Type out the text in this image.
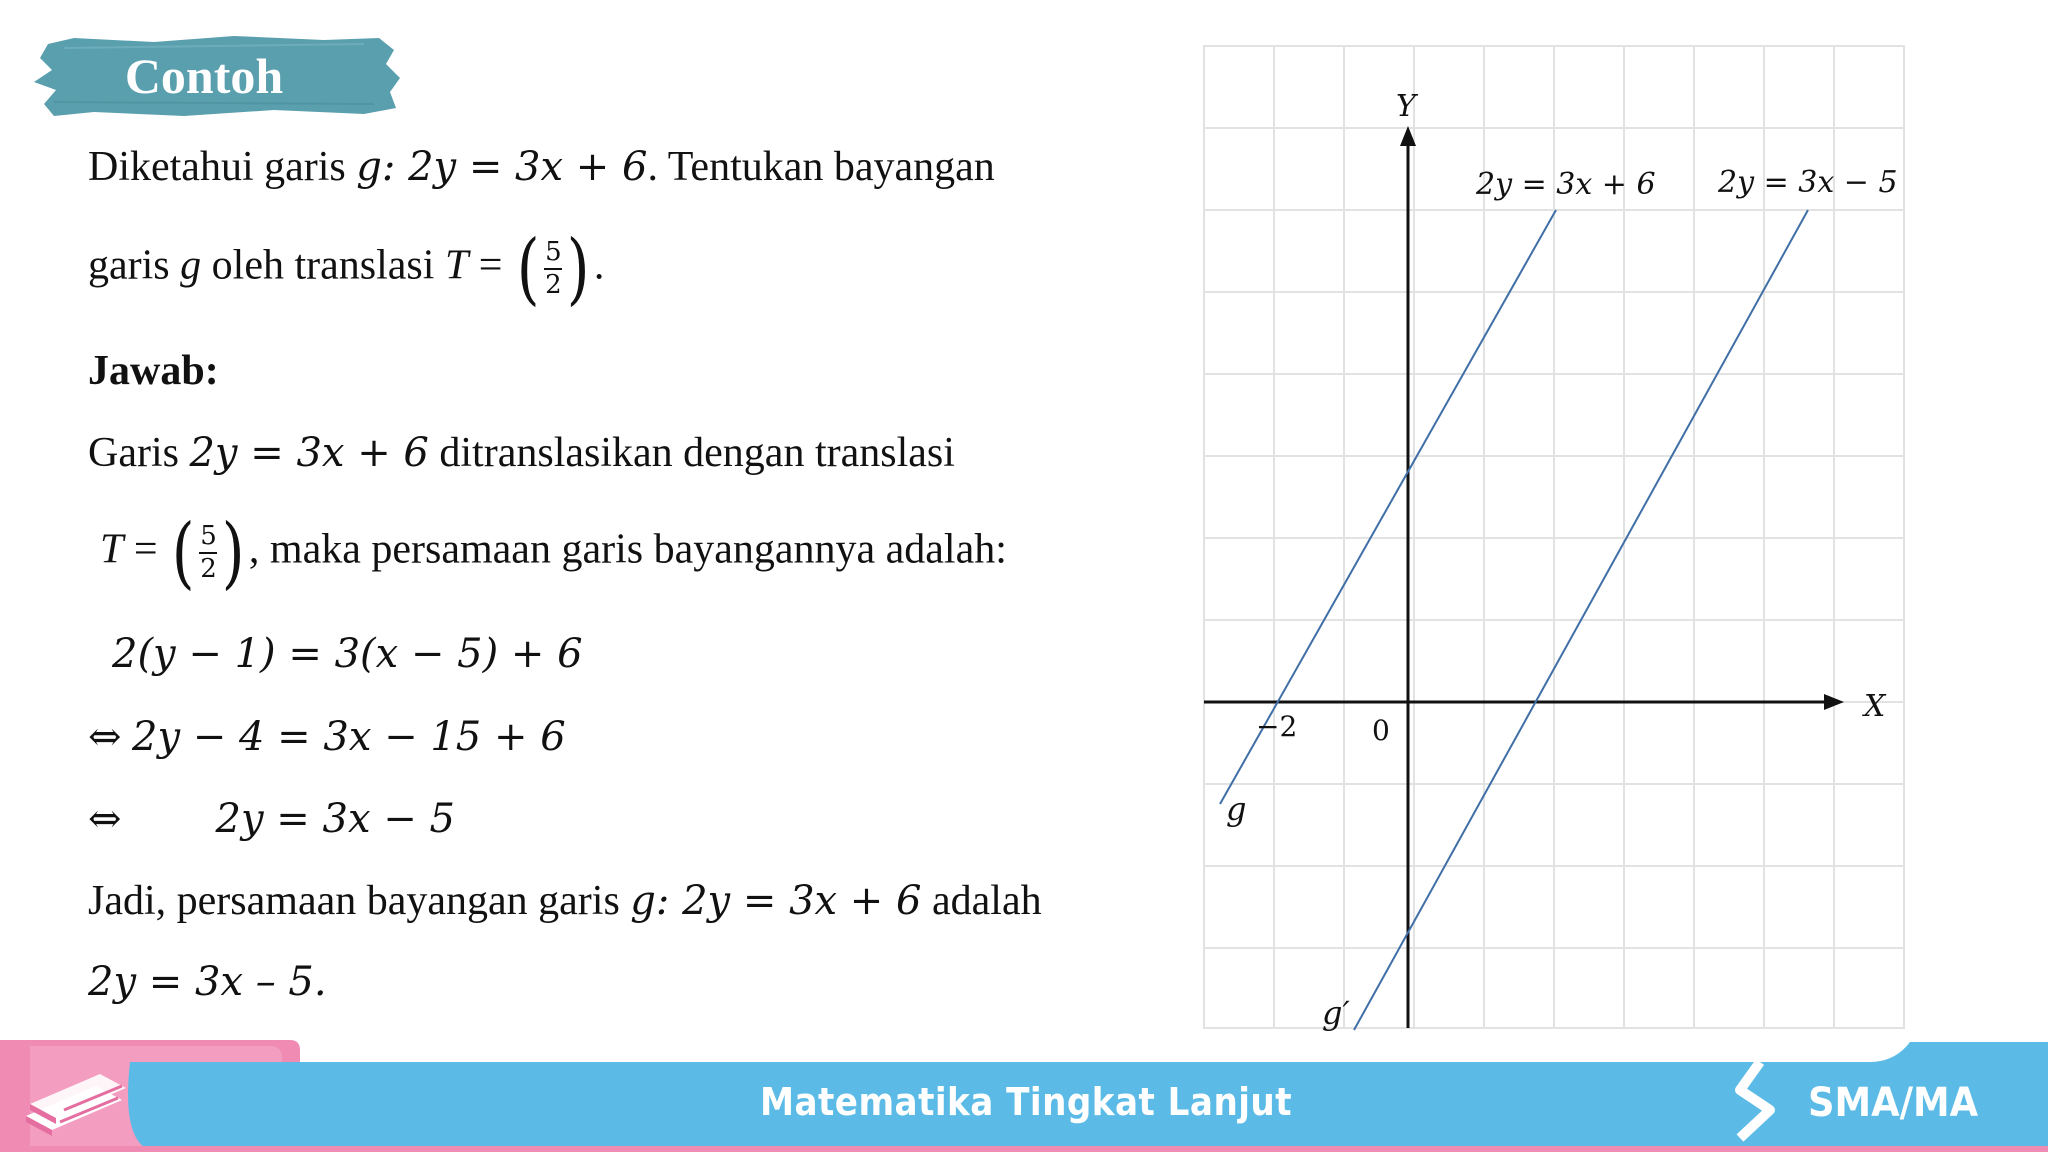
Contoh
Diketahui garis g: 2y = 3x + 6. Tentukan bayangan
garis g oleh translasi T = ( $\frac{5}{2}$ ) .
Jawab:
Garis 2y = 3x + 6 ditranslasikan dengan translasi
T = ( $\frac{5}{2}$ ) , maka persamaan garis bayangannya adalah:
2(y − 1) = 3(x − 5) + 6
⇔ 2y − 4 = 3x − 15 + 6
⇔ 2y = 3x − 5
Jadi, persamaan bayangan garis g: 2y = 3x + 6 adalah
2y = 3x – 5.
Y
X
0
−2
2y = 3x + 6 2y = 3x − 5
g
g′
Matematika Tingkat Lanjut	SMA/MA
